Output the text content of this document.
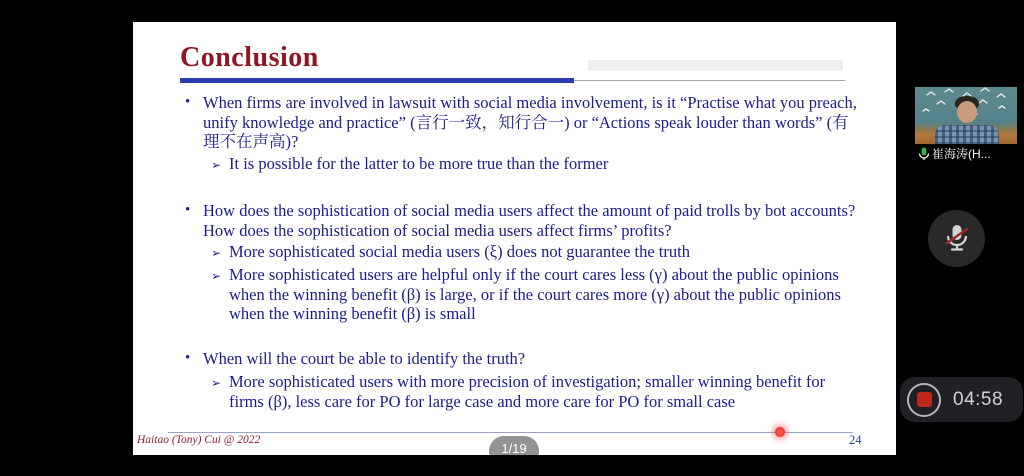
Conclusion
• When firms are involved in lawsuit with social media involvement, is it “Practise what you preach, unify knowledge and practice” (言行一致，知行合一) or “Actions speak louder than words” (有理不在声高)?
➢ It is possible for the latter to be more true than the former
• How does the sophistication of social media users affect the amount of paid trolls by bot accounts? How does the sophistication of social media users affect firms’ profits?
➢ More sophisticated social media users (ξ) does not guarantee the truth
➢ More sophisticated users are helpful only if the court cares less (γ) about the public opinions when the winning benefit (β) is large, or if the court cares more (γ) about the public opinions when the winning benefit (β) is small
• When will the court be able to identify the truth?
➢ More sophisticated users with more precision of investigation; smaller winning benefit for firms (β), less care for PO for large case and more care for PO for small case
Haitao (Tony) Cui @ 2022	24
1/19
崔海涛(H...
04:58
